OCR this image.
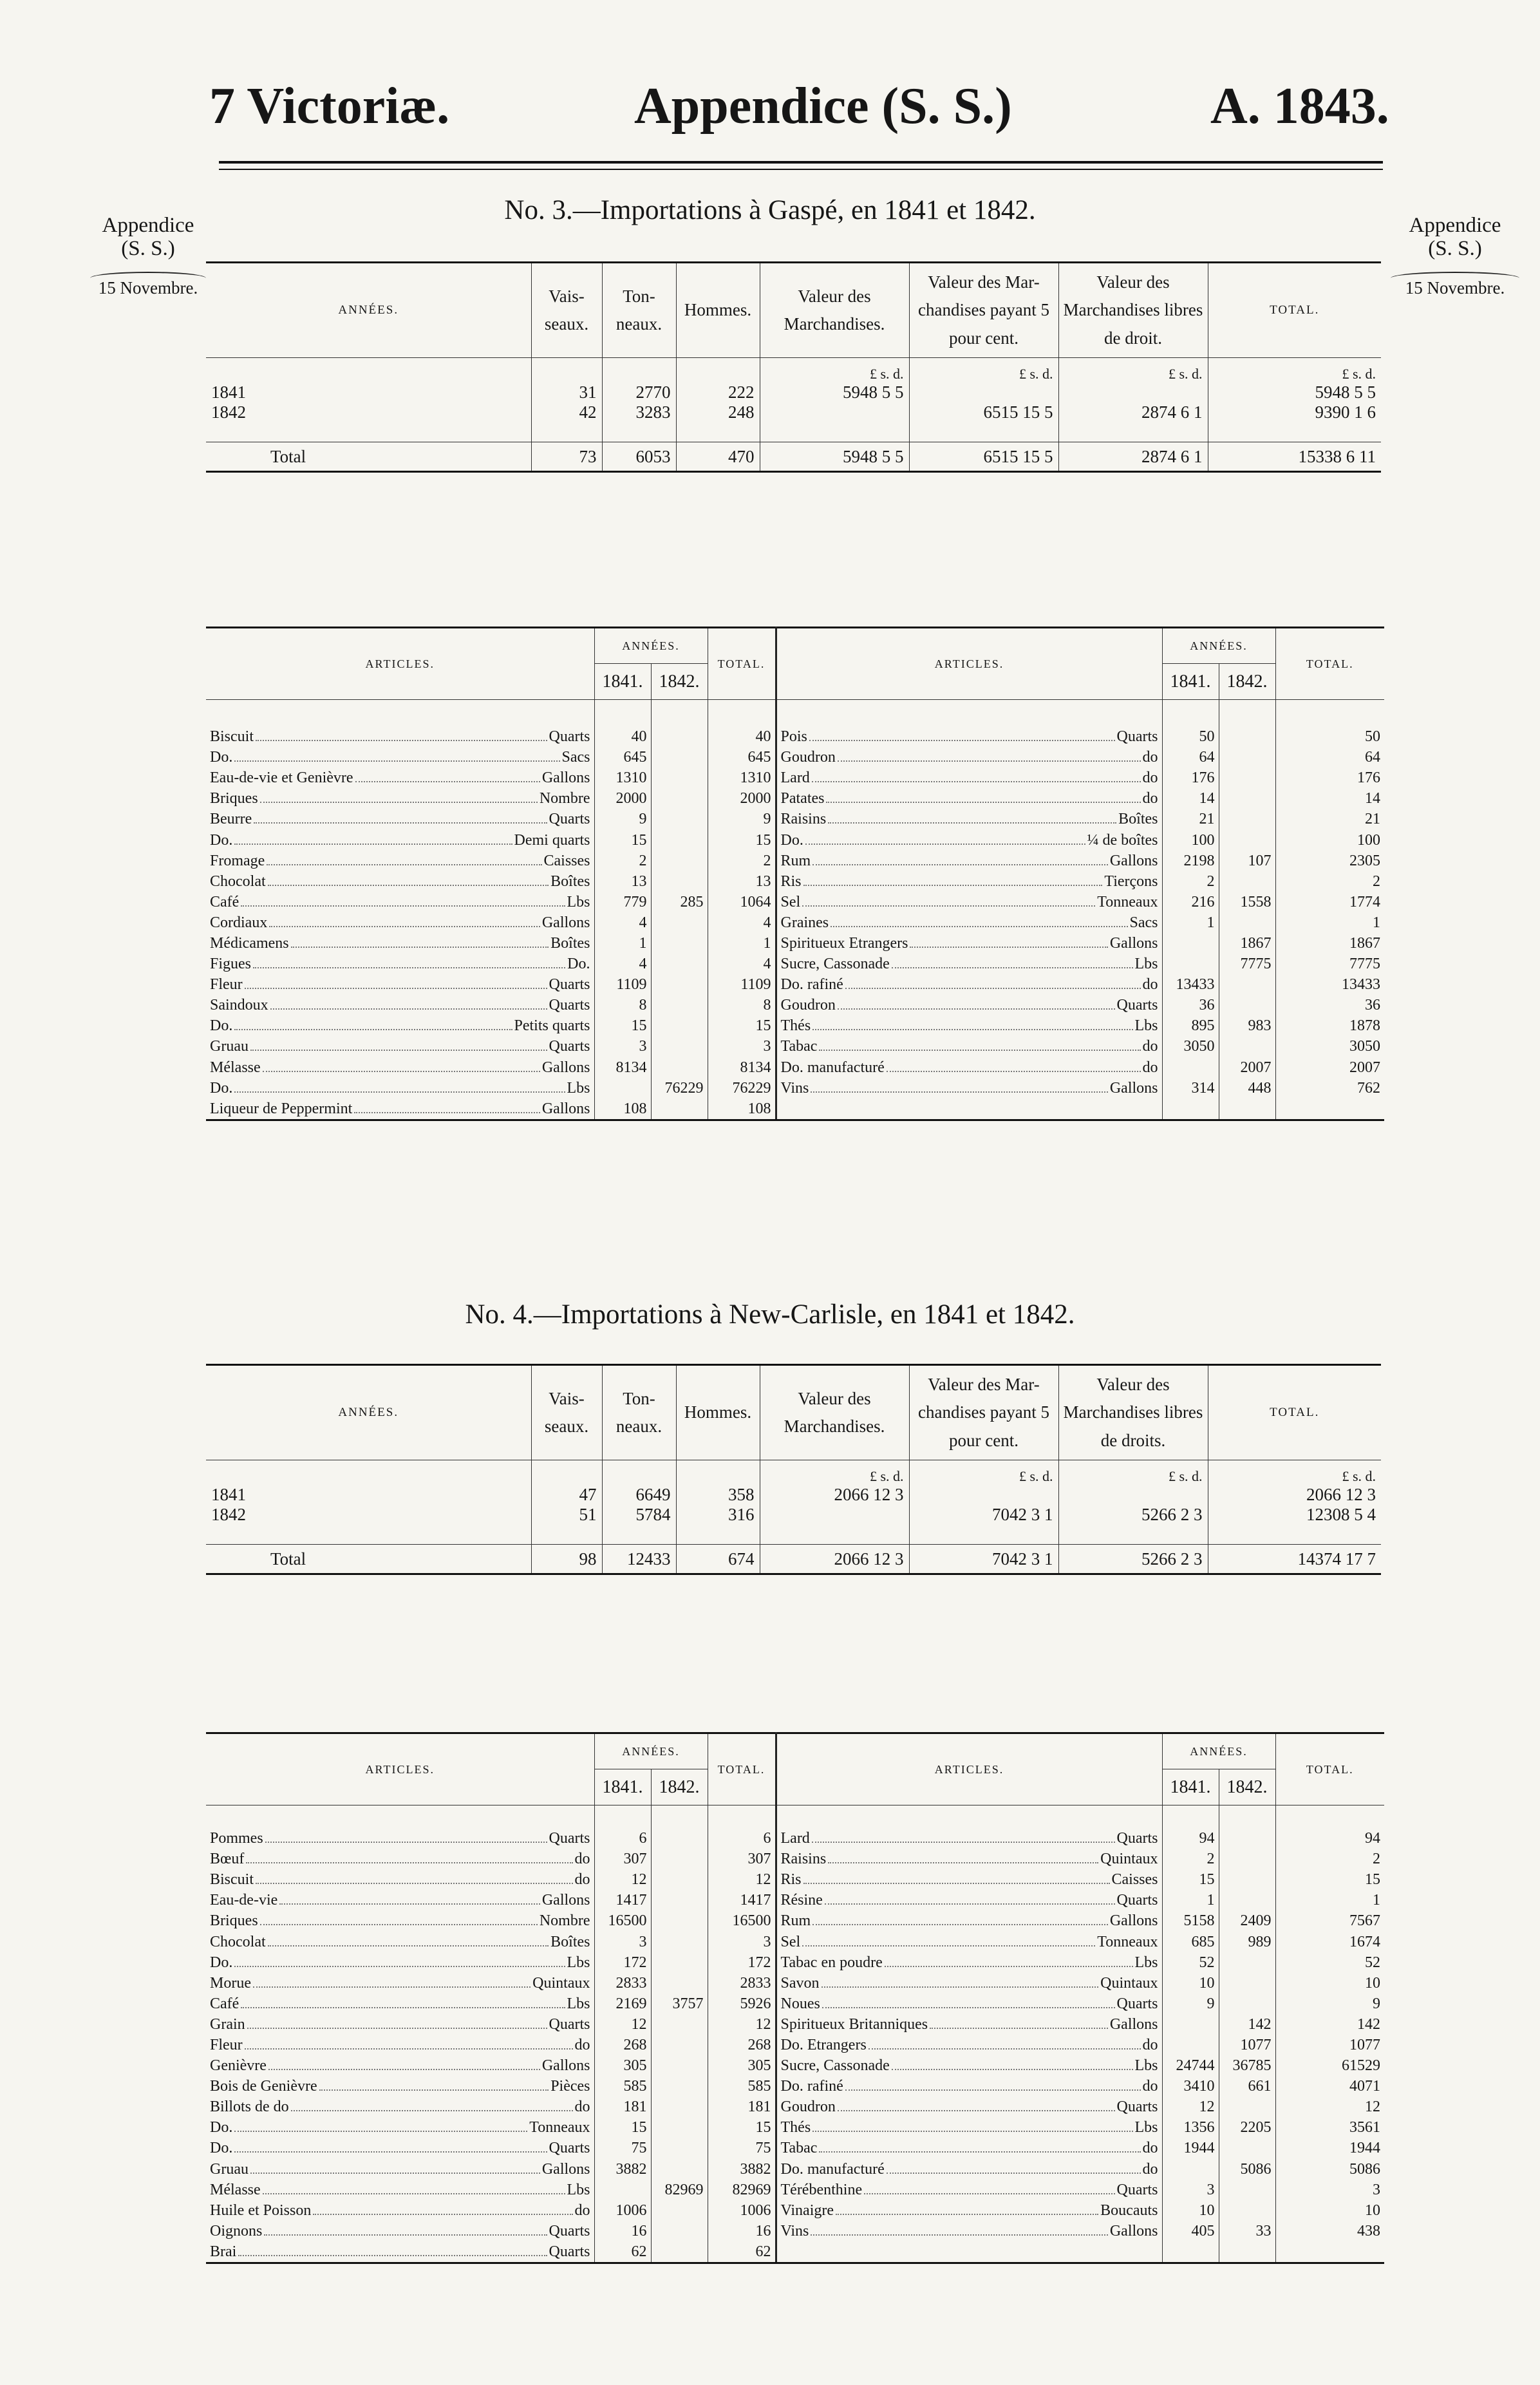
7 Victoriæ.	Appendice (S. S.)	A. 1843.
Appendice
(S. S.)
15 Novembre.
Appendice
(S. S.)
15 Novembre.
No. 3.—Importations à Gaspé, en 1841 et 1842.
ANNÉES.	Vais-seaux.	Ton-neaux.	Hommes.	Valeur des Marchandises.	Valeur des Mar-chandises payant 5 pour cent.	Valeur des Marchandises libres de droit.	TOTAL.
				£ s. d.	£ s. d.	£ s. d.	£ s. d.
1841	31	2770	222	5948 5 5			5948 5 5
1842	42	3283	248		6515 15 5	2874 6 1	9390 1 6

Total	73	6053	470	5948 5 5	6515 15 5	2874 6 1	15338 6 11
ARTICLES.	ANNÉES.		TOTAL.	ARTICLES.	ANNÉES.		TOTAL.
	1841.	1842.			1841.	1842.	

Biscuit Quarts	40		40	Pois Quarts	50		50

Do. Sacs	645		645	Goudron do	64		64

Eau-de-vie et Genièvre Gallons	1310		1310	Lard do	176		176

Briques Nombre	2000		2000	Patates do	14		14

Beurre Quarts	9		9	Raisins Boîtes	21		21

Do. Demi quarts	15		15	Do. ¼ de boîtes	100		100

Fromage Caisses	2		2	Rum Gallons	2198	107	2305

Chocolat Boîtes	13		13	Ris Tierçons	2		2

Café Lbs	779	285	1064	Sel Tonneaux	216	1558	1774

Cordiaux Gallons	4		4	Graines Sacs	1		1

Médicamens Boîtes	1		1	Spiritueux Etrangers Gallons		1867	1867

Figues Do.	4		4	Sucre, Cassonade Lbs		7775	7775

Fleur Quarts	1109		1109	Do. rafiné do	13433		13433

Saindoux Quarts	8		8	Goudron Quarts	36		36

Do. Petits quarts	15		15	Thés Lbs	895	983	1878

Gruau Quarts	3		3	Tabac do	3050		3050

Mélasse Gallons	8134		8134	Do. manufacturé do		2007	2007

Do. Lbs		76229	76229	Vins Gallons	314	448	762

Liqueur de Peppermint Gallons	108		108	

No. 4.—Importations à New-Carlisle, en 1841 et 1842.
ANNÉES.	Vais-seaux.	Ton-neaux.	Hommes.	Valeur des Marchandises.	Valeur des Mar-chandises payant 5 pour cent.	Valeur des Marchandises libres de droits.	TOTAL.
				£ s. d.	£ s. d.	£ s. d.	£ s. d.
1841	47	6649	358	2066 12 3			2066 12 3
1842	51	5784	316		7042 3 1	5266 2 3	12308 5 4

Total	98	12433	674	2066 12 3	7042 3 1	5266 2 3	14374 17 7
ARTICLES.	ANNÉES.		TOTAL.	ARTICLES.	ANNÉES.		TOTAL.
	1841.	1842.			1841.	1842.	

Pommes Quarts	6		6	Lard Quarts	94		94

Bœuf do	307		307	Raisins Quintaux	2		2

Biscuit do	12		12	Ris Caisses	15		15

Eau-de-vie Gallons	1417		1417	Résine Quarts	1		1

Briques Nombre	16500		16500	Rum Gallons	5158	2409	7567

Chocolat Boîtes	3		3	Sel Tonneaux	685	989	1674

Do. Lbs	172		172	Tabac en poudre Lbs	52		52

Morue Quintaux	2833		2833	Savon Quintaux	10		10

Café Lbs	2169	3757	5926	Noues Quarts	9		9

Grain Quarts	12		12	Spiritueux Britanniques Gallons		142	142

Fleur do	268		268	Do. Etrangers do		1077	1077

Genièvre Gallons	305		305	Sucre, Cassonade Lbs	24744	36785	61529

Bois de Genièvre Pièces	585		585	Do. rafiné do	3410	661	4071

Billots de do do	181		181	Goudron Quarts	12		12

Do. Tonneaux	15		15	Thés Lbs	1356	2205	3561

Do. Quarts	75		75	Tabac do	1944		1944

Gruau Gallons	3882		3882	Do. manufacturé do		5086	5086

Mélasse Lbs		82969	82969	Térébenthine Quarts	3		3

Huile et Poisson do	1006		1006	Vinaigre Boucauts	10		10

Oignons Quarts	16		16	Vins Gallons	405	33	438

Brai Quarts	62		62	
